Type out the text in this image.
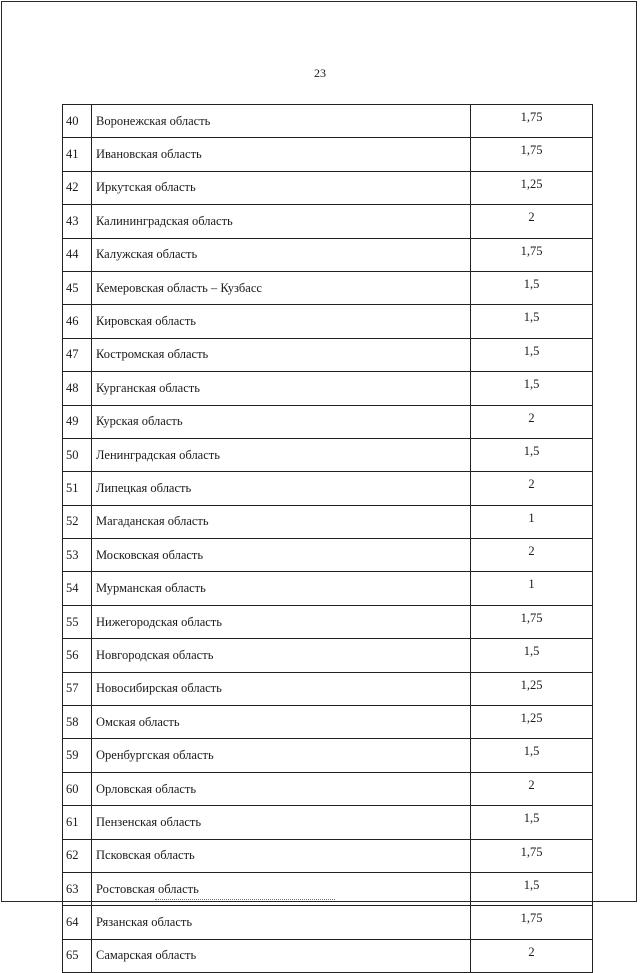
23
40	Воронежская область	1,75
41	Ивановская область	1,75
42	Иркутская область	1,25
43	Калининградская область	2
44	Калужская область	1,75
45	Кемеровская область – Кузбасс	1,5
46	Кировская область	1,5
47	Костромская область	1,5
48	Курганская область	1,5
49	Курская область	2
50	Ленинградская область	1,5
51	Липецкая область	2
52	Магаданская область	1
53	Московская область	2
54	Мурманская область	1
55	Нижегородская область	1,75
56	Новгородская область	1,5
57	Новосибирская область	1,25
58	Омская область	1,25
59	Оренбургская область	1,5
60	Орловская область	2
61	Пензенская область	1,5
62	Псковская область	1,75
63	Ростовская область	1,5
64	Рязанская область	1,75
65	Самарская область	2
